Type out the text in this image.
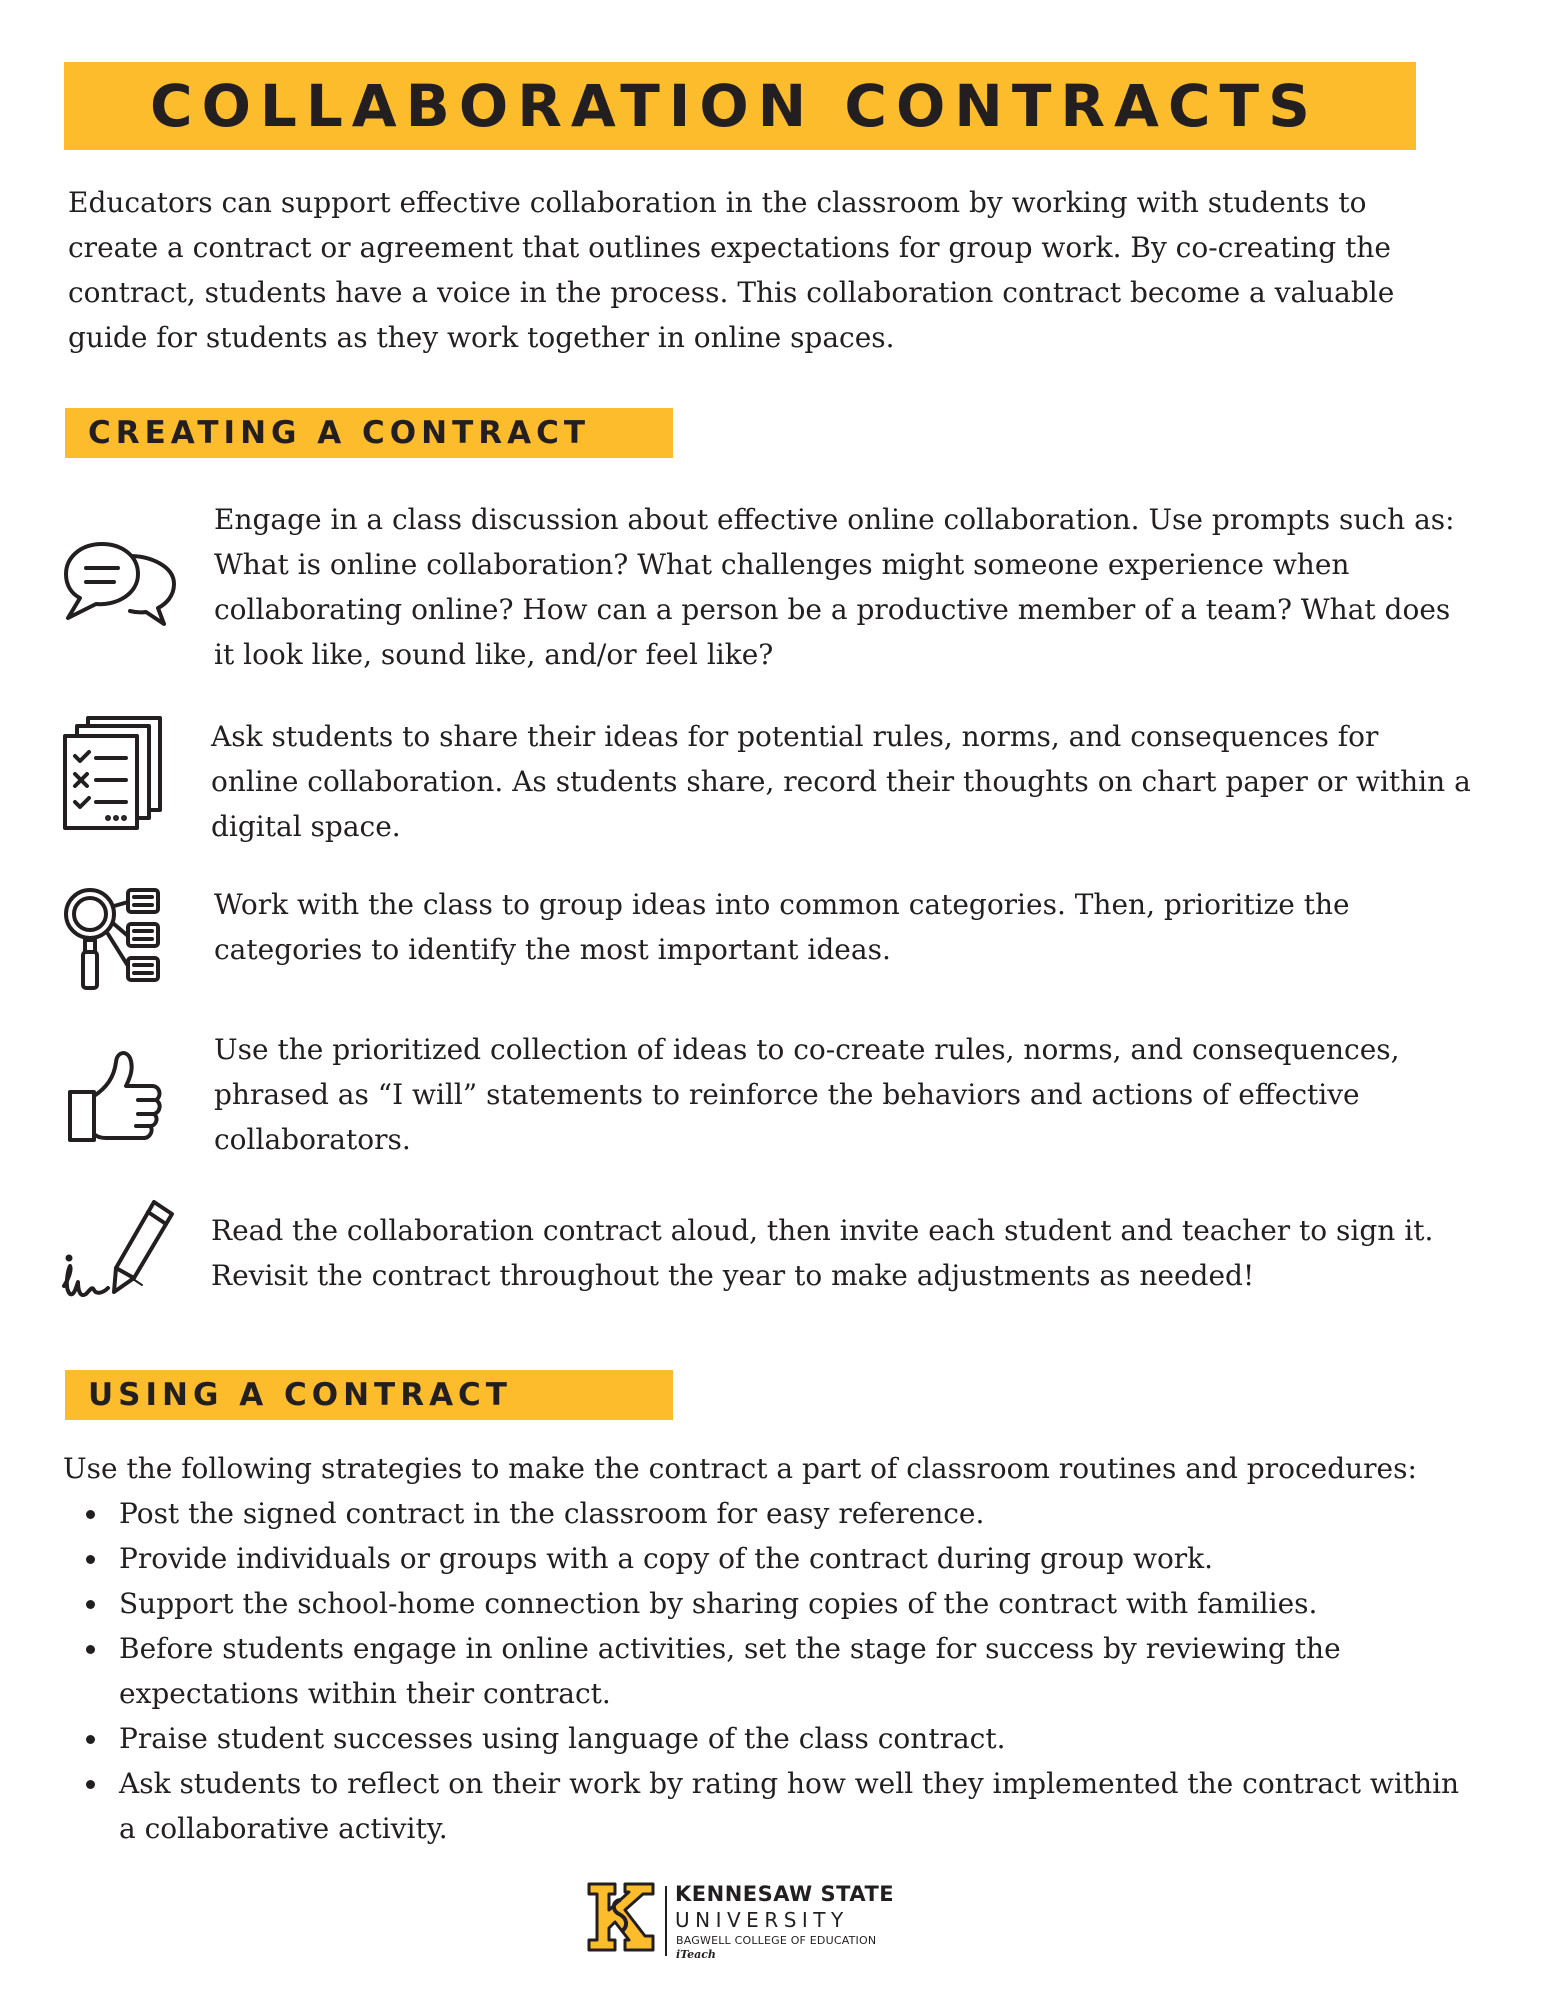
COLLABORATION CONTRACTS

Educators can support effective collaboration in the classroom by working with students to create a contract or agreement that outlines expectations for group work. By co-creating the contract, students have a voice in the process. This collaboration contract become a valuable guide for students as they work together in online spaces.

CREATING A CONTRACT

Engage in a class discussion about effective online collaboration. Use prompts such as: What is online collaboration? What challenges might someone experience when collaborating online? How can a person be a productive member of a team? What does it look like, sound like, and/or feel like?

Ask students to share their ideas for potential rules, norms, and consequences for online collaboration. As students share, record their thoughts on chart paper or within a digital space.

Work with the class to group ideas into common categories. Then, prioritize the categories to identify the most important ideas.

Use the prioritized collection of ideas to co-create rules, norms, and consequences, phrased as “I will” statements to reinforce the behaviors and actions of effective collaborators.

Read the collaboration contract aloud, then invite each student and teacher to sign it. Revisit the contract throughout the year to make adjustments as needed!

USING A CONTRACT

Use the following strategies to make the contract a part of classroom routines and procedures:

Post the signed contract in the classroom for easy reference.
Provide individuals or groups with a copy of the contract during group work.
Support the school-home connection by sharing copies of the contract with families.
Before students engage in online activities, set the stage for success by reviewing the expectations within their contract.
Praise student successes using language of the class contract.
Ask students to reflect on their work by rating how well they implemented the contract within a collaborative activity.
KENNESAW STATE
UNIVERSITY
BAGWELL COLLEGE OF EDUCATION
iTeach
